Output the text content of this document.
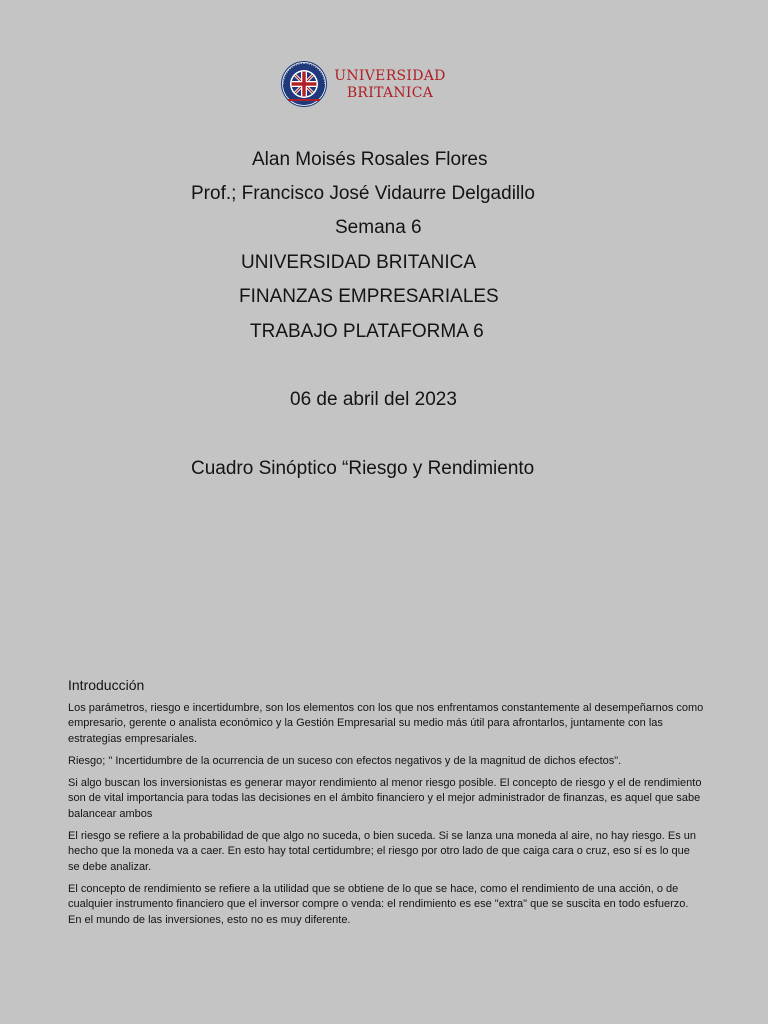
UNIVERSIDAD
BRITANICA
Alan Moisés Rosales Flores
Prof.; Francisco José Vidaurre Delgadillo
Semana 6
UNIVERSIDAD BRITANICA
FINANZAS EMPRESARIALES
TRABAJO PLATAFORMA 6
06 de abril del 2023
Cuadro Sinóptico “Riesgo y Rendimiento
Introducción

Los parámetros, riesgo e incertidumbre, son los elementos con los que nos enfrentamos constantemente al desempeñarnos como empresario, gerente o analista económico y la Gestión Empresarial su medio más útil para afrontarlos, juntamente con las estrategias empresariales.

Riesgo; " Incertidumbre de la ocurrencia de un suceso con efectos negativos y de la magnitud de dichos efectos".

Si algo buscan los inversionistas es generar mayor rendimiento al menor riesgo posible. El concepto de riesgo y el de rendimiento son de vital importancia para todas las decisiones en el ámbito financiero y el mejor administrador de finanzas, es aquel que sabe balancear ambos

El riesgo se refiere a la probabilidad de que algo no suceda, o bien suceda. Si se lanza una moneda al aire, no hay riesgo. Es un hecho que la moneda va a caer. En esto hay total certidumbre; el riesgo por otro lado de que caiga cara o cruz, eso sí es lo que se debe analizar.

El concepto de rendimiento se refiere a la utilidad que se obtiene de lo que se hace, como el rendimiento de una acción, o de cualquier instrumento financiero que el inversor compre o venda: el rendimiento es ese "extra" que se suscita en todo esfuerzo. En el mundo de las inversiones, esto no es muy diferente.
